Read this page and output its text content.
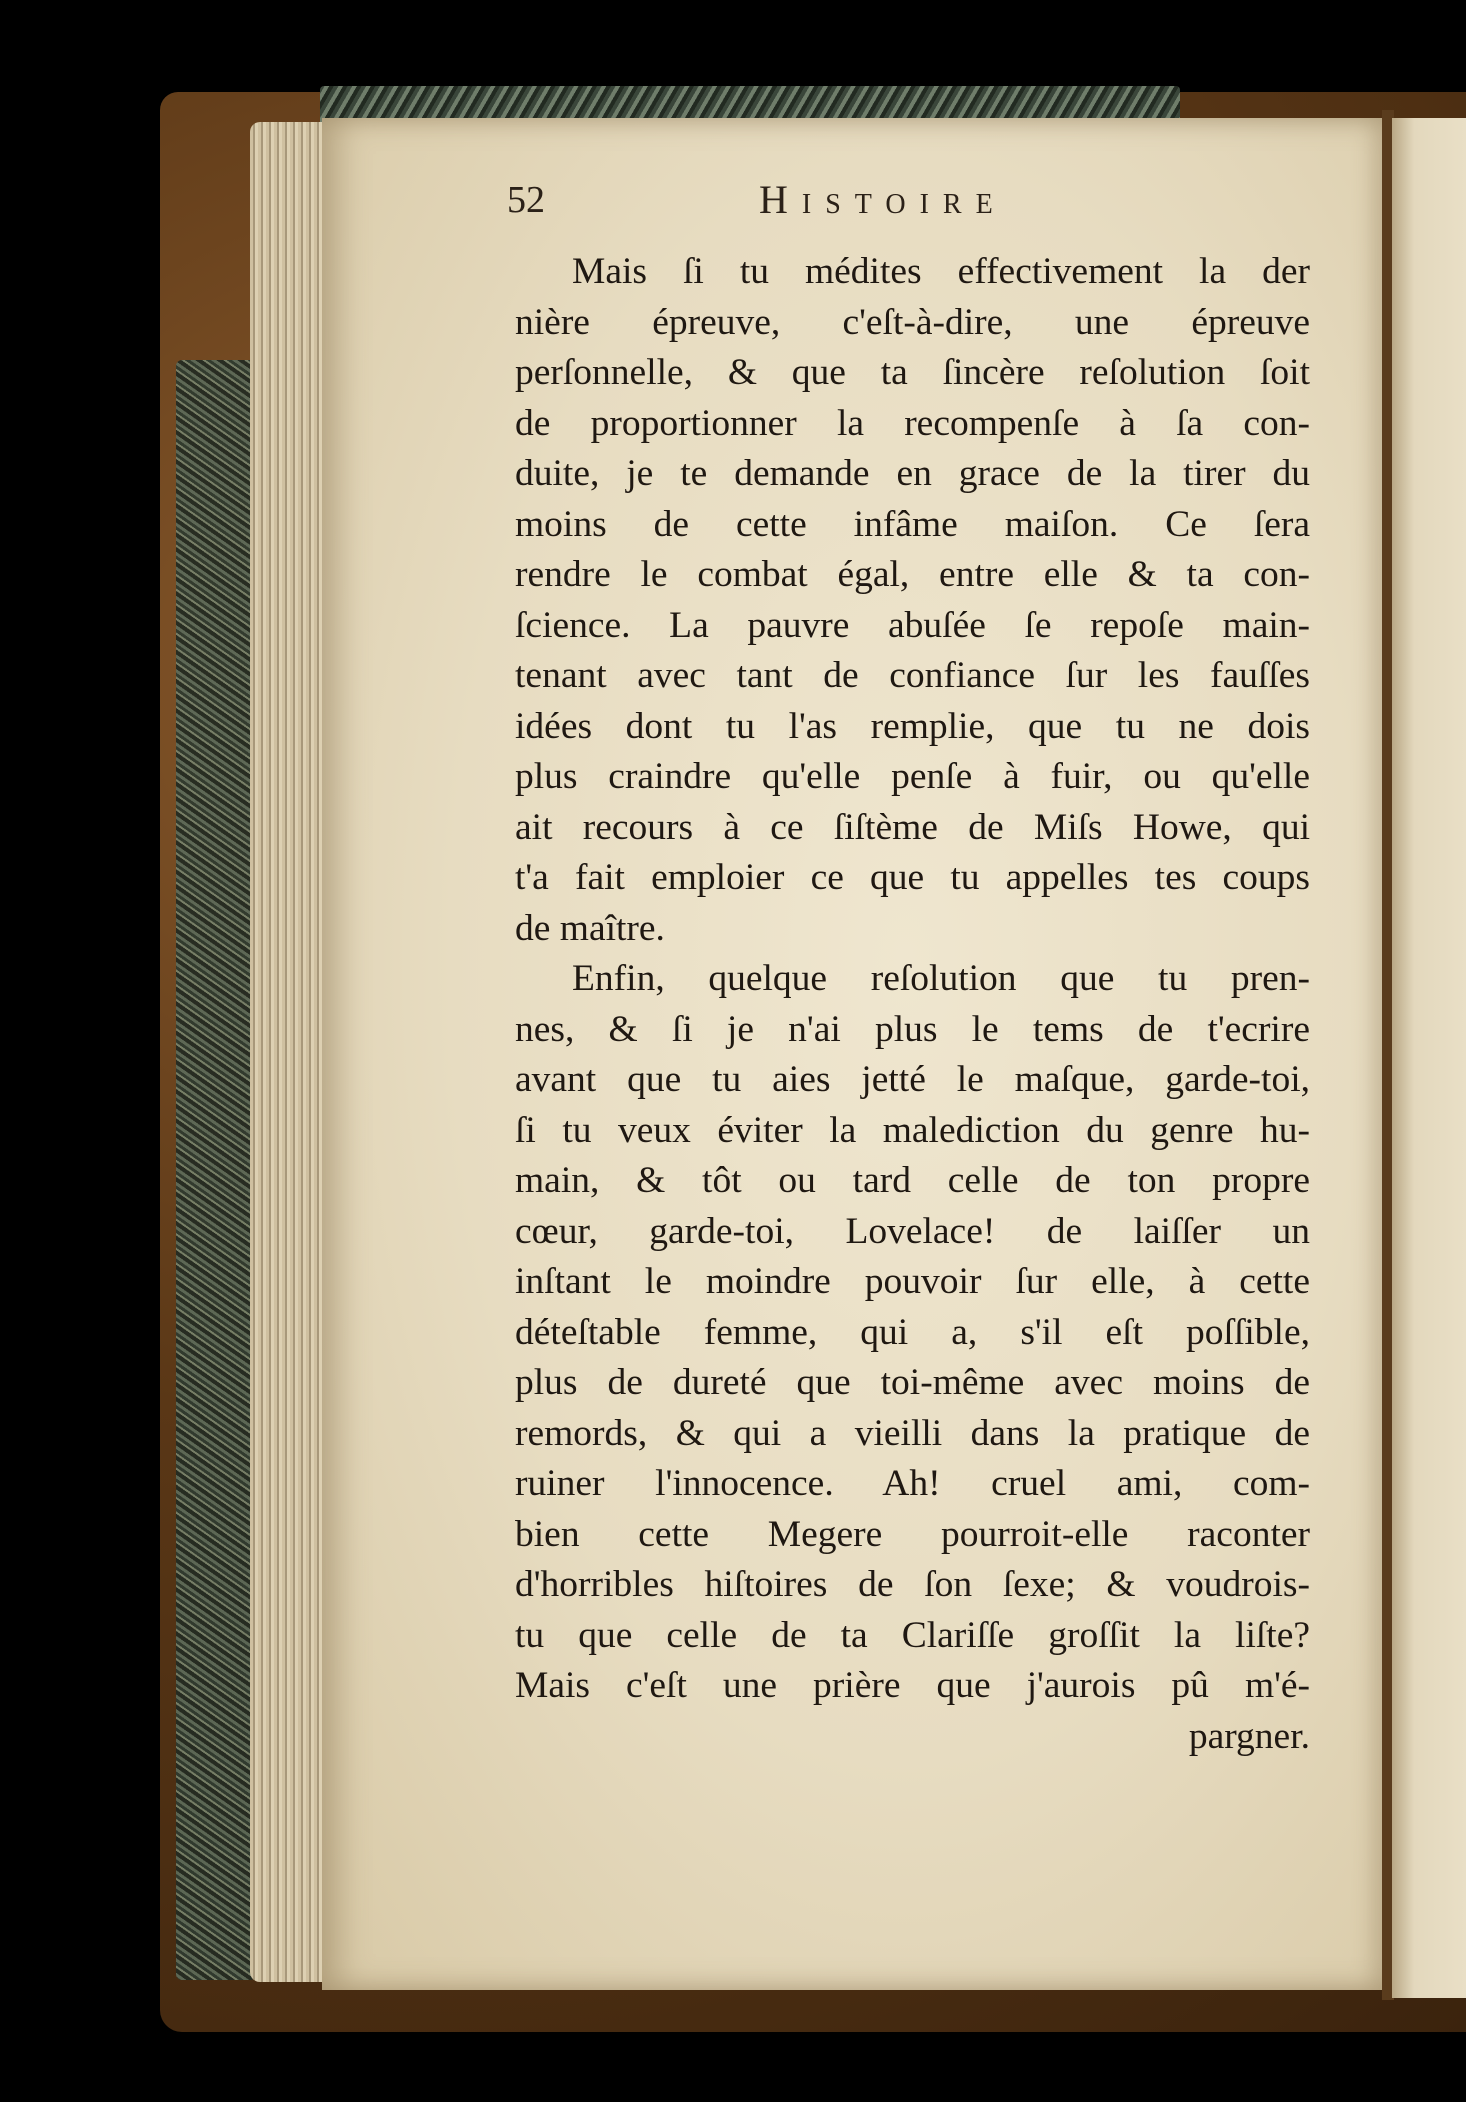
52	Histoire
Mais ſi tu médites effectivement la der
nière épreuve, c'eſt-à-dire, une épreuve
perſonnelle, & que ta ſincère reſolution ſoit
de proportionner la recompenſe à ſa con-
duite, je te demande en grace de la tirer du
moins de cette infâme maiſon. Ce ſera
rendre le combat égal, entre elle & ta con-
ſcience. La pauvre abuſée ſe repoſe main-
tenant avec tant de confiance ſur les fauſſes
idées dont tu l'as remplie, que tu ne dois
plus craindre qu'elle penſe à fuir, ou qu'elle
ait recours à ce ſiſtème de Miſs Howe, qui
t'a fait emploier ce que tu appelles tes coups
de maître.
Enfin, quelque reſolution que tu pren-
nes, & ſi je n'ai plus le tems de t'ecrire
avant que tu aies jetté le maſque, garde-toi,
ſi tu veux éviter la malediction du genre hu-
main, & tôt ou tard celle de ton propre
cœur, garde-toi, Lovelace! de laiſſer un
inſtant le moindre pouvoir ſur elle, à cette
déteſtable femme, qui a, s'il eſt poſſible,
plus de dureté que toi-même avec moins de
remords, & qui a vieilli dans la pratique de
ruiner l'innocence. Ah! cruel ami, com-
bien cette Megere pourroit-elle raconter
d'horribles hiſtoires de ſon ſexe; & voudrois-
tu que celle de ta Clariſſe groſſit la liſte?
Mais c'eſt une prière que j'aurois pû m'é-
pargner.
